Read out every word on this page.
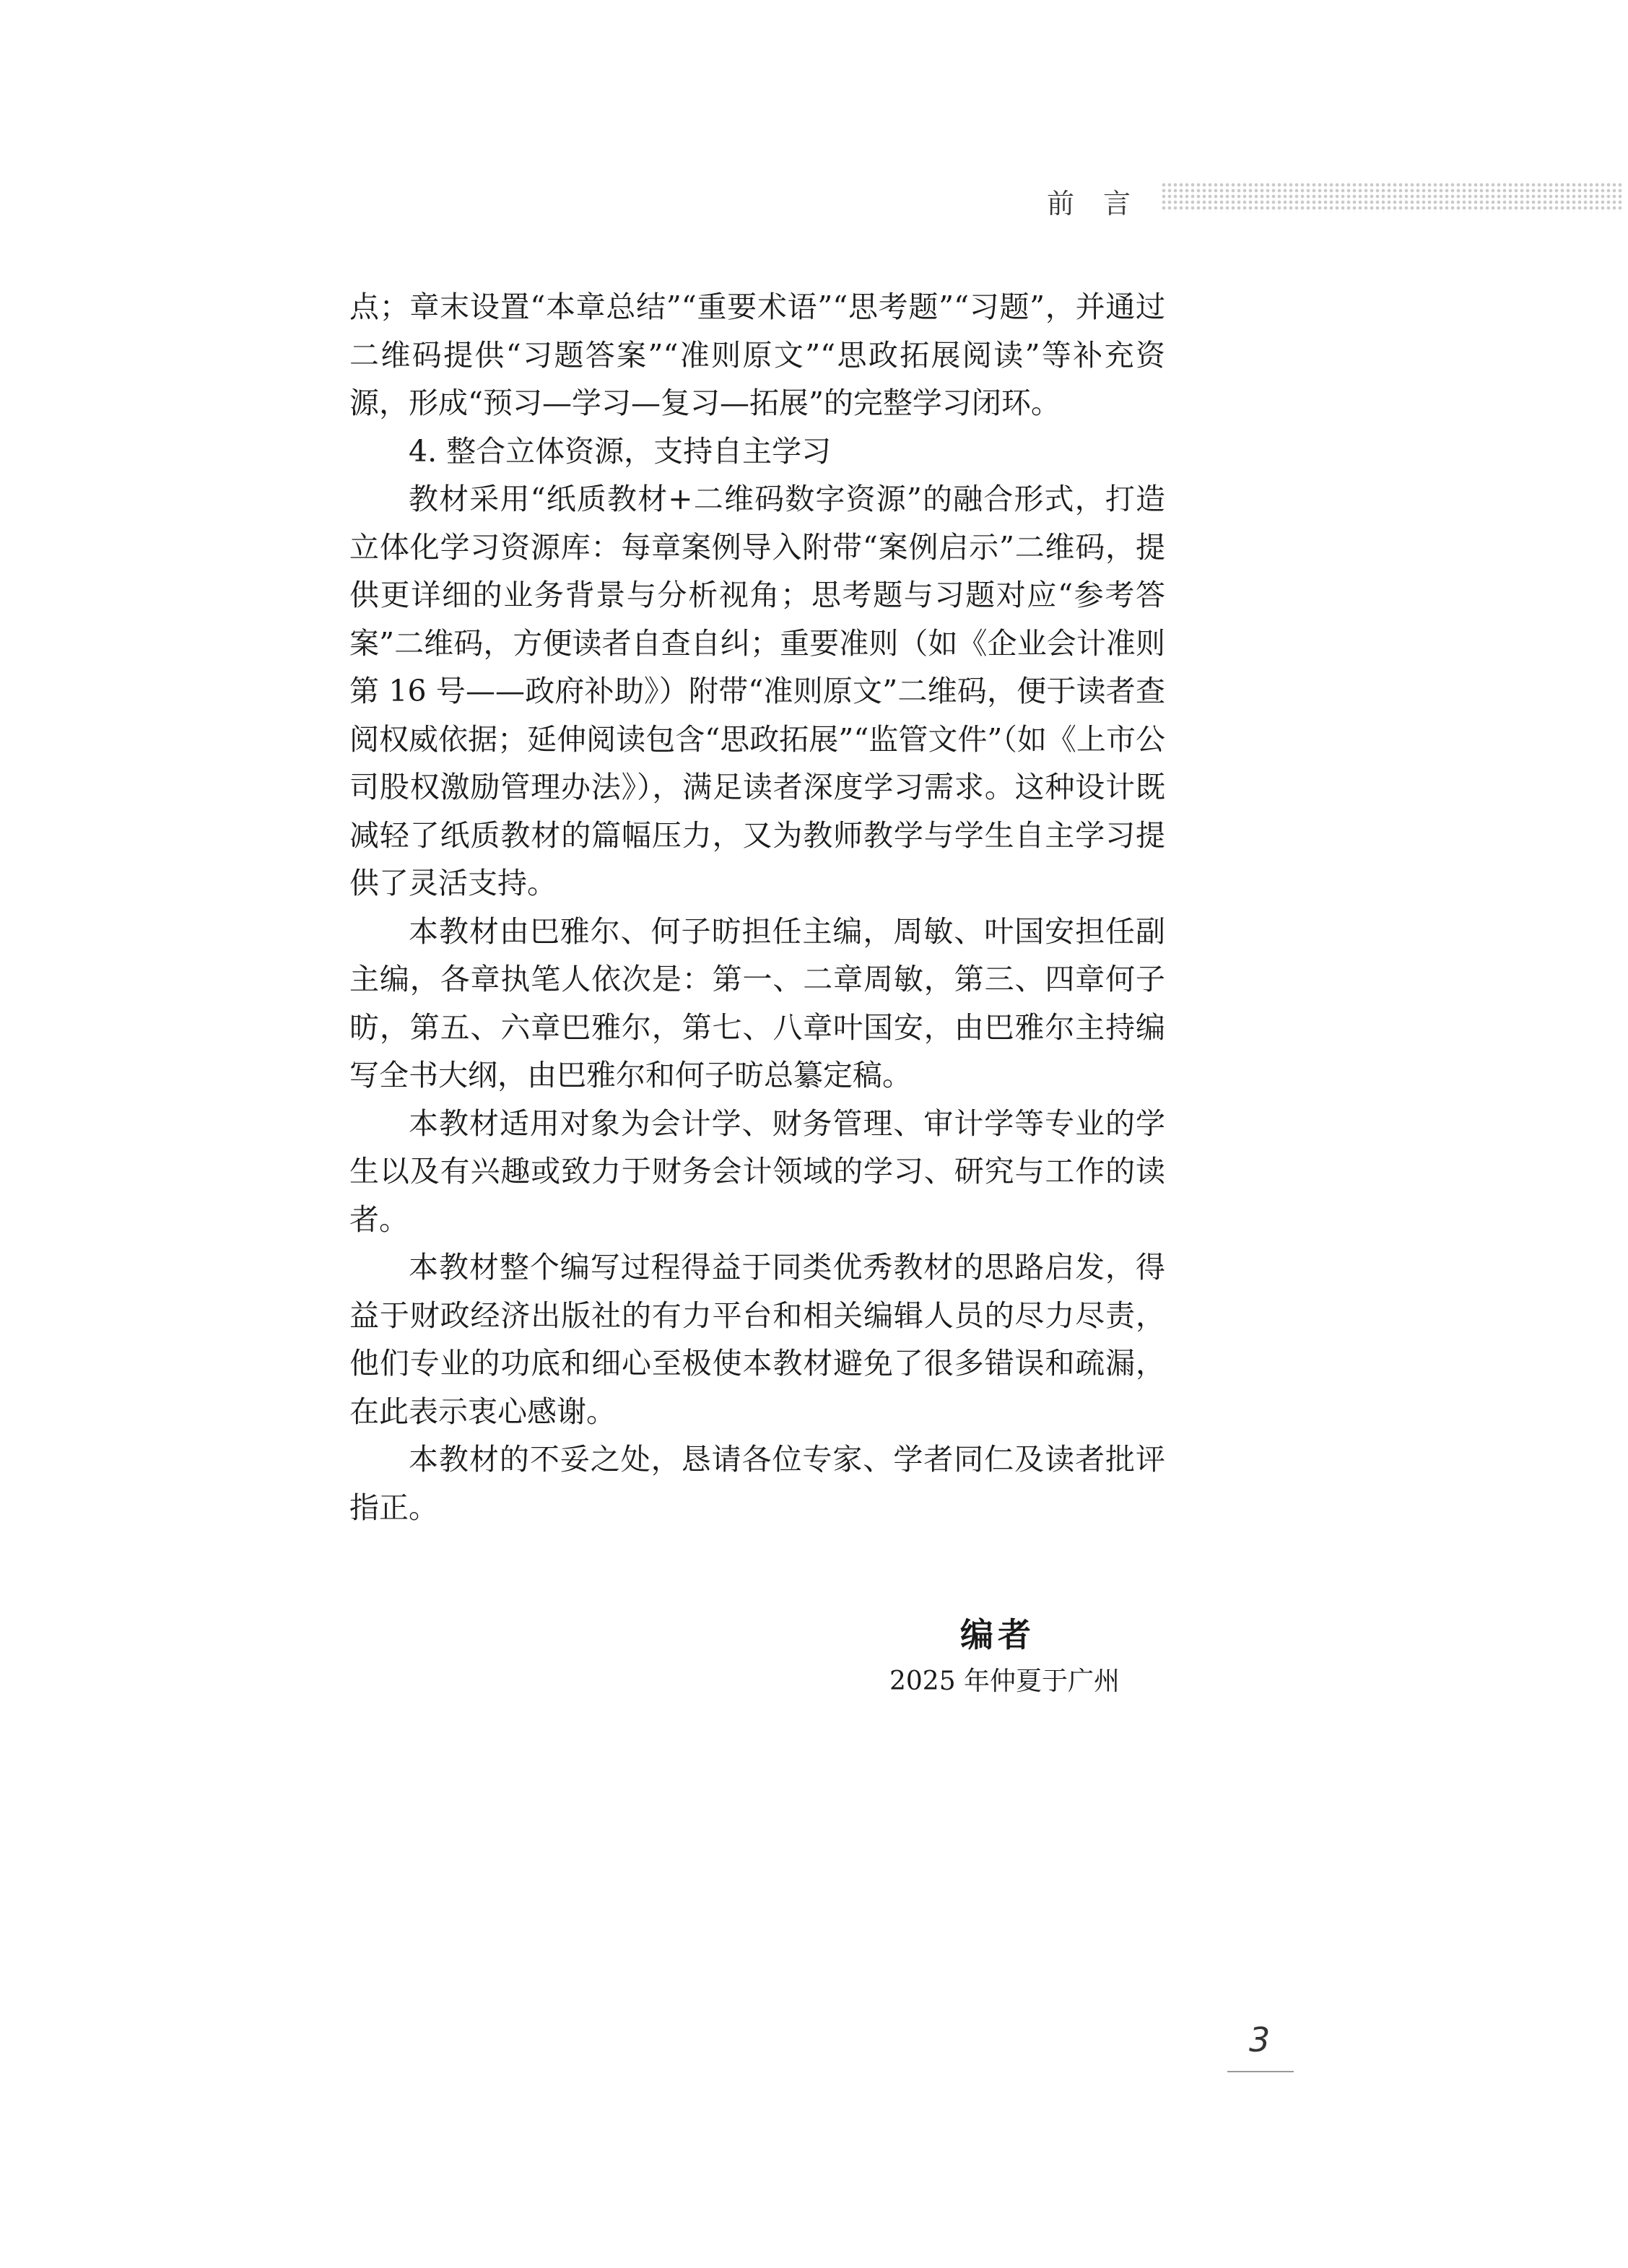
前言

点；章末设置“本章总结”“重要术语”“思考题”“习题”，并通过二维码提供“习题答案”“准则原文”“思政拓展阅读”等补充资源，形成“预习—学习—复习—拓展”的完整学习闭环。

4. 整合立体资源，支持自主学习

教材采用“纸质教材+二维码数字资源”的融合形式，打造立体化学习资源库：每章案例导入附带“案例启示”二维码，提供更详细的业务背景与分析视角；思考题与习题对应“参考答案”二维码，方便读者自查自纠；重要准则（如《企业会计准则第 16 号——政府补助》）附带“准则原文”二维码，便于读者查阅权威依据；延伸阅读包含“思政拓展”“监管文件”（如《上市公司股权激励管理办法》），满足读者深度学习需求。这种设计既减轻了纸质教材的篇幅压力，又为教师教学与学生自主学习提供了灵活支持。

本教材由巴雅尔、何子昉担任主编，周敏、叶国安担任副主编，各章执笔人依次是：第一、二章周敏，第三、四章何子昉，第五、六章巴雅尔，第七、八章叶国安，由巴雅尔主持编写全书大纲，由巴雅尔和何子昉总纂定稿。

本教材适用对象为会计学、财务管理、审计学等专业的学生以及有兴趣或致力于财务会计领域的学习、研究与工作的读者。

本教材整个编写过程得益于同类优秀教材的思路启发，得益于财政经济出版社的有力平台和相关编辑人员的尽力尽责，他们专业的功底和细心至极使本教材避免了很多错误和疏漏，在此表示衷心感谢。

本教材的不妥之处，恳请各位专家、学者同仁及读者批评指正。

编者
2025 年仲夏于广州
3
